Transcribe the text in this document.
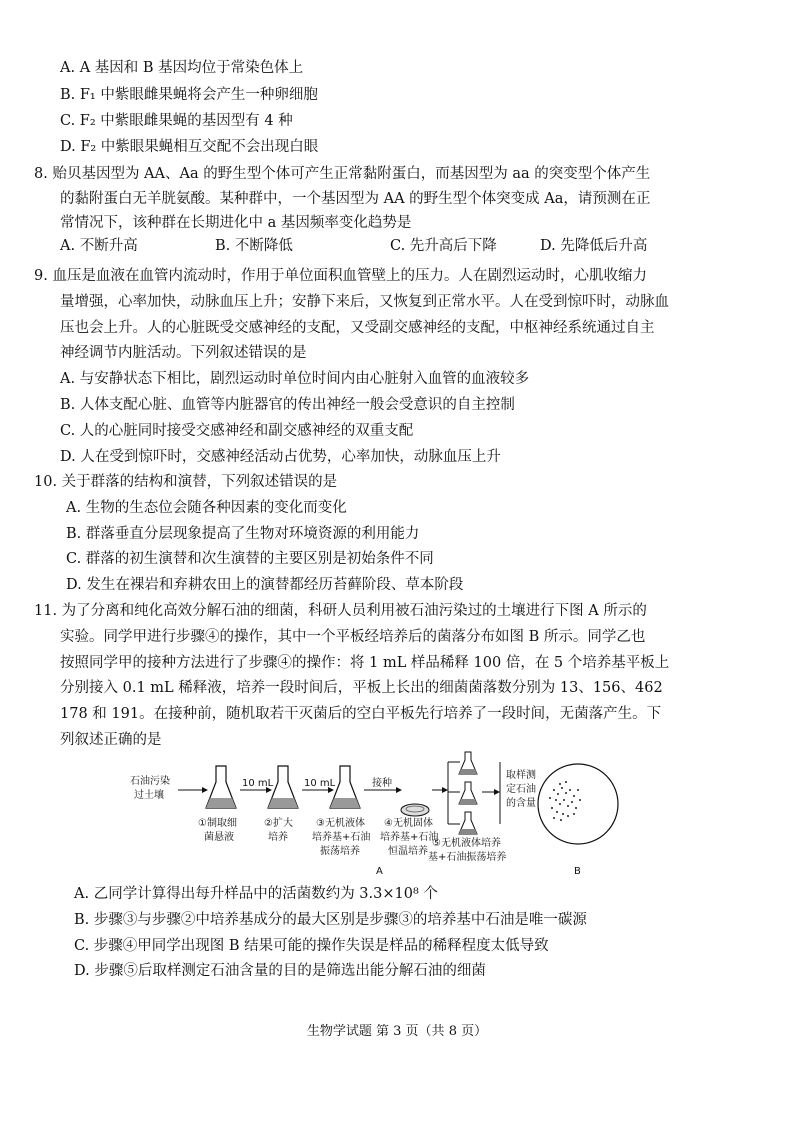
A. A 基因和 B 基因均位于常染色体上
B. F₁ 中紫眼雌果蝇将会产生一种卵细胞
C. F₂ 中紫眼雌果蝇的基因型有 4 种
D. F₂ 中紫眼果蝇相互交配不会出现白眼
8. 贻贝基因型为 AA、Aa 的野生型个体可产生正常黏附蛋白，而基因型为 aa 的突变型个体产生
的黏附蛋白无羊胱氨酸。某种群中，一个基因型为 AA 的野生型个体突变成 Aa，请预测在正
常情况下，该种群在长期进化中 a 基因频率变化趋势是
A. 不断升高	B. 不断降低	C. 先升高后下降	D. 先降低后升高
9. 血压是血液在血管内流动时，作用于单位面积血管壁上的压力。人在剧烈运动时，心肌收缩力
量增强，心率加快，动脉血压上升；安静下来后，又恢复到正常水平。人在受到惊吓时，动脉血
压也会上升。人的心脏既受交感神经的支配，又受副交感神经的支配，中枢神经系统通过自主
神经调节内脏活动。下列叙述错误的是
A. 与安静状态下相比，剧烈运动时单位时间内由心脏射入血管的血液较多
B. 人体支配心脏、血管等内脏器官的传出神经一般会受意识的自主控制
C. 人的心脏同时接受交感神经和副交感神经的双重支配
D. 人在受到惊吓时，交感神经活动占优势，心率加快，动脉血压上升
10. 关于群落的结构和演替，下列叙述错误的是
A. 生物的生态位会随各种因素的变化而变化
B. 群落垂直分层现象提高了生物对环境资源的利用能力
C. 群落的初生演替和次生演替的主要区别是初始条件不同
D. 发生在裸岩和弃耕农田上的演替都经历苔藓阶段、草本阶段
11. 为了分离和纯化高效分解石油的细菌，科研人员利用被石油污染过的土壤进行下图 A 所示的
实验。同学甲进行步骤④的操作，其中一个平板经培养后的菌落分布如图 B 所示。同学乙也
按照同学甲的接种方法进行了步骤④的操作：将 1 mL 样品稀释 100 倍，在 5 个培养基平板上
分别接入 0.1 mL 稀释液，培养一段时间后，平板上长出的细菌菌落数分别为 13、156、462
178 和 191。在接种前，随机取若干灭菌后的空白平板先行培养了一段时间，无菌落产生。下
列叙述正确的是
石油污染
过土壤
10 mL	10 mL	接种
取样测
定石油
的含量
①制取细
菌悬液
②扩大
培养
③无机液体
培养基+石油
振荡培养
④无机固体
培养基+石油
恒温培养
⑤无机液体培养
基+石油振荡培养
A	B
A. 乙同学计算得出每升样品中的活菌数约为 3.3×10⁸ 个
B. 步骤③与步骤②中培养基成分的最大区别是步骤③的培养基中石油是唯一碳源
C. 步骤④甲同学出现图 B 结果可能的操作失误是样品的稀释程度太低导致
D. 步骤⑤后取样测定石油含量的目的是筛选出能分解石油的细菌
生物学试题 第 3 页（共 8 页）
